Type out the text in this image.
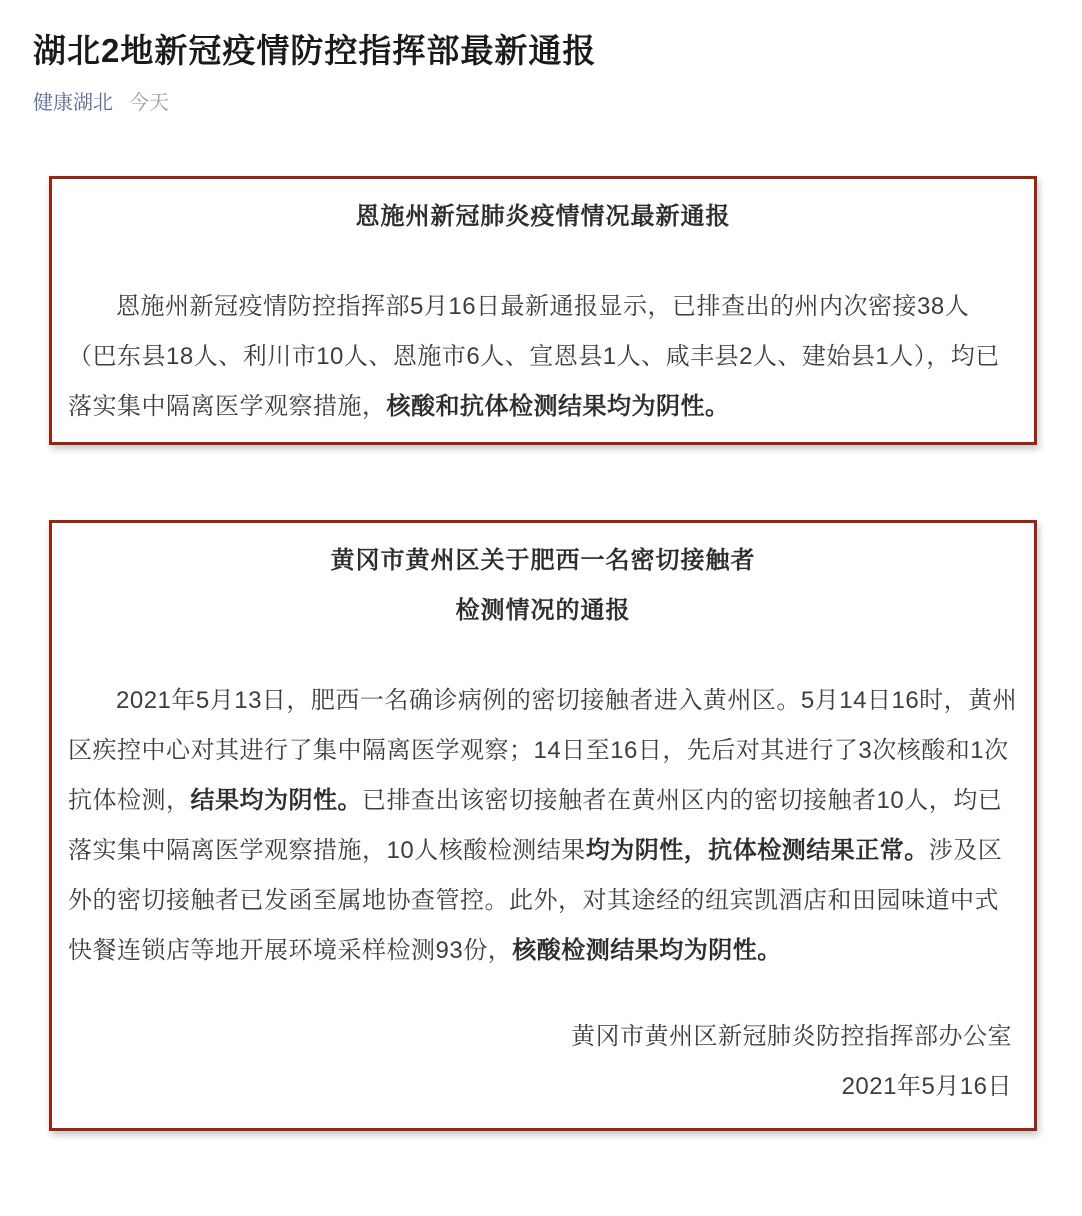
湖北2地新冠疫情防控指挥部最新通报
健康湖北 今天
恩施州新冠肺炎疫情情况最新通报

恩施州新冠疫情防控指挥部5月16日最新通报显示，已排查出的州内次密接38人（巴东县18人、利川市10人、恩施市6人、宣恩县1人、咸丰县2人、建始县1人），均已落实集中隔离医学观察措施，核酸和抗体检测结果均为阴性。

黄冈市黄州区关于肥西一名密切接触者
检测情况的通报

2021年5月13日，肥西一名确诊病例的密切接触者进入黄州区。5月14日16时，黄州区疾控中心对其进行了集中隔离医学观察；14日至16日，先后对其进行了3次核酸和1次抗体检测，结果均为阴性。已排查出该密切接触者在黄州区内的密切接触者10人，均已落实集中隔离医学观察措施，10人核酸检测结果均为阴性，抗体检测结果正常。涉及区外的密切接触者已发函至属地协查管控。此外，对其途经的纽宾凯酒店和田园味道中式快餐连锁店等地开展环境采样检测93份，核酸检测结果均为阴性。

黄冈市黄州区新冠肺炎防控指挥部办公室
2021年5月16日
